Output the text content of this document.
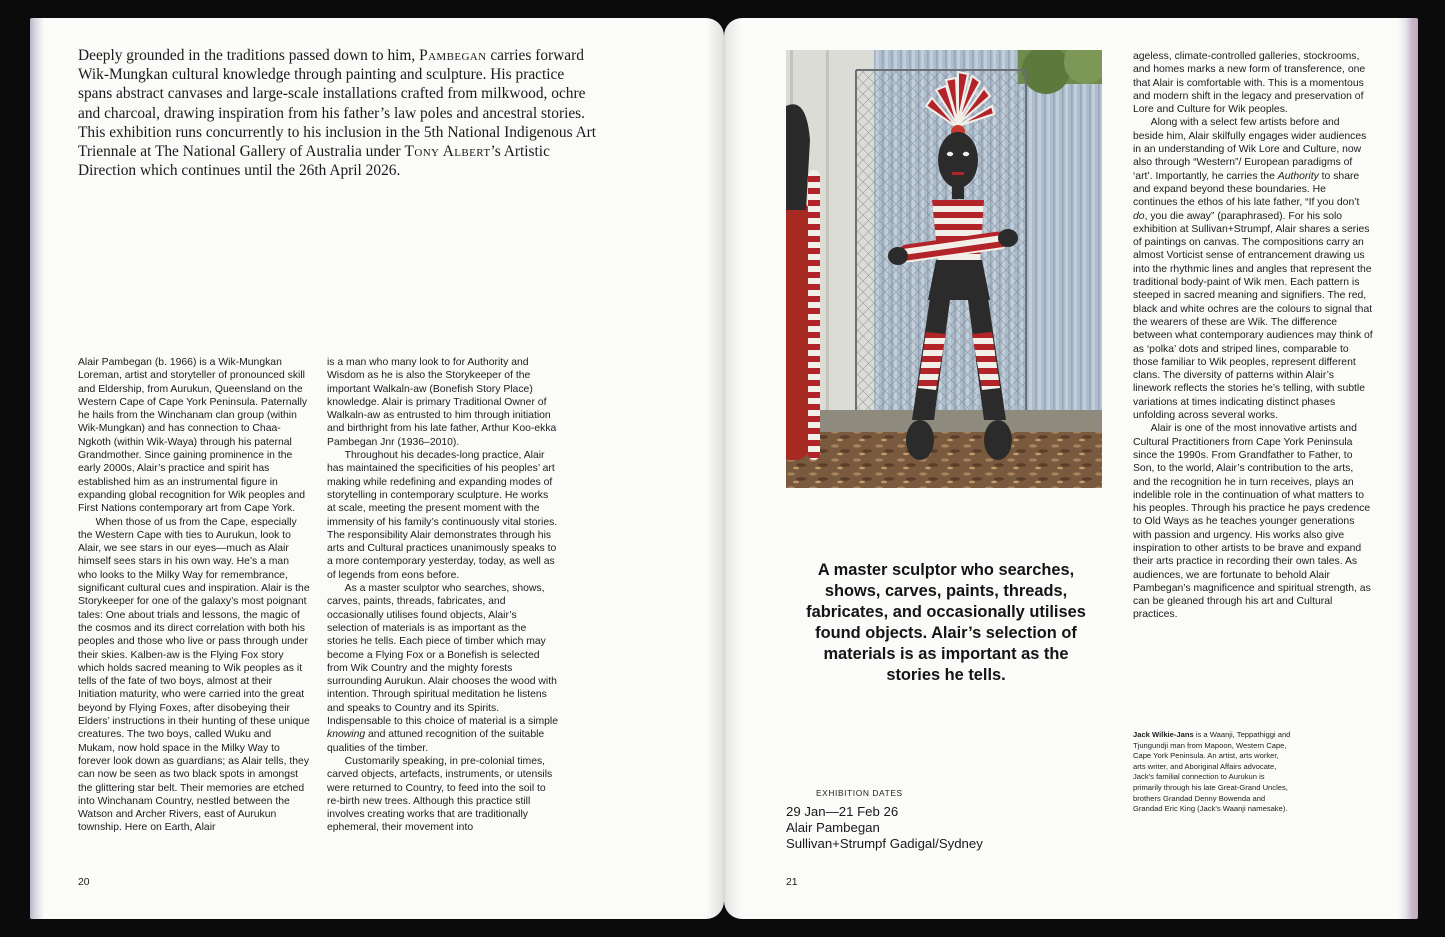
Deeply grounded in the traditions passed down to him, Pambegan carries forward Wik-Mungkan cultural knowledge through painting and sculpture. His practice spans abstract canvases and large-scale installations crafted from milkwood, ochre and charcoal, drawing inspiration from his father’s law poles and ancestral stories. This exhibition runs concurrently to his inclusion in the 5th National Indigenous Art Triennale at The National Gallery of Australia under Tony Albert’s Artistic Direction which continues until the 26th April 2026.

Alair Pambegan (b. 1966) is a Wik-Mungkan Loreman, artist and storyteller of pronounced skill and Eldership, from Aurukun, Queensland on the Western Cape of Cape York Peninsula. Paternally he hails from the Winchanam clan group (within Wik-Mungkan) and has connection to Chaa-Ngkoth (within Wik-Waya) through his paternal Grandmother. Since gaining prominence in the early 2000s, Alair’s practice and spirit has established him as an instrumental figure in expanding global recognition for Wik peoples and First Nations contemporary art from Cape York.

When those of us from the Cape, especially the Western Cape with ties to Aurukun, look to Alair, we see stars in our eyes—much as Alair himself sees stars in his own way. He’s a man who looks to the Milky Way for remembrance, significant cultural cues and inspiration. Alair is the Storykeeper for one of the galaxy’s most poignant tales: One about trials and lessons, the magic of the cosmos and its direct correlation with both his peoples and those who live or pass through under their skies. Kalben-aw is the Flying Fox story which holds sacred meaning to Wik peoples as it tells of the fate of two boys, almost at their Initiation maturity, who were carried into the great beyond by Flying Foxes, after disobeying their Elders’ instructions in their hunting of these unique creatures. The two boys, called Wuku and Mukam, now hold space in the Milky Way to forever look down as guardians; as Alair tells, they can now be seen as two black spots in amongst the glittering star belt. Their memories are etched into Winchanam Country, nestled between the Watson and Archer Rivers, east of Aurukun township. Here on Earth, Alair

is a man who many look to for Authority and Wisdom as he is also the Storykeeper of the important Walkaln-aw (Bonefish Story Place) knowledge. Alair is primary Traditional Owner of Walkaln-aw as entrusted to him through initiation and birthright from his late father, Arthur Koo-ekka Pambegan Jnr (1936–2010).

Throughout his decades-long practice, Alair has maintained the specificities of his peoples’ art making while redefining and expanding modes of storytelling in contemporary sculpture. He works at scale, meeting the present moment with the immensity of his family’s continuously vital stories. The responsibility Alair demonstrates through his arts and Cultural practices unanimously speaks to a more contemporary yesterday, today, as well as of legends from eons before.

As a master sculptor who searches, shows, carves, paints, threads, fabricates, and occasionally utilises found objects, Alair’s selection of materials is as important as the stories he tells. Each piece of timber which may become a Flying Fox or a Bonefish is selected from Wik Country and the mighty forests surrounding Aurukun. Alair chooses the wood with intention. Through spiritual meditation he listens and speaks to Country and its Spirits. Indispensable to this choice of material is a simple knowing and attuned recognition of the suitable qualities of the timber.

Customarily speaking, in pre-colonial times, carved objects, artefacts, instruments, or utensils were returned to Country, to feed into the soil to re-birth new trees. Although this practice still involves creating works that are traditionally ephemeral, their movement into

20

A master sculptor who searches, shows, carves, paints, threads, fabricates, and occasionally utilises found objects. Alair’s selection of materials is as important as the stories he tells.

EXHIBITION DATES
29 Jan—21 Feb 26
Alair Pambegan
Sullivan+Strumpf Gadigal/Sydney

ageless, climate-controlled galleries, stockrooms, and homes marks a new form of transference, one that Alair is comfortable with. This is a momentous and modern shift in the legacy and preservation of Lore and Culture for Wik peoples.

Along with a select few artists before and beside him, Alair skilfully engages wider audiences in an understanding of Wik Lore and Culture, now also through “Western”/ European paradigms of ‘art’. Importantly, he carries the Authority to share and expand beyond these boundaries. He continues the ethos of his late father, “If you don’t do, you die away” (paraphrased). For his solo exhibition at Sullivan+Strumpf, Alair shares a series of paintings on canvas. The compositions carry an almost Vorticist sense of entrancement drawing us into the rhythmic lines and angles that represent the traditional body-paint of Wik men. Each pattern is steeped in sacred meaning and signifiers. The red, black and white ochres are the colours to signal that the wearers of these are Wik. The difference between what contemporary audiences may think of as ‘polka’ dots and striped lines, comparable to those familiar to Wik peoples, represent different clans. The diversity of patterns within Alair’s linework reflects the stories he’s telling, with subtle variations at times indicating distinct phases unfolding across several works.

Alair is one of the most innovative artists and Cultural Practitioners from Cape York Peninsula since the 1990s. From Grandfather to Father, to Son, to the world, Alair’s contribution to the arts, and the recognition he in turn receives, plays an indelible role in the continuation of what matters to his peoples. Through his practice he pays credence to Old Ways as he teaches younger generations with passion and urgency. His works also give inspiration to other artists to be brave and expand their arts practice in recording their own tales. As audiences, we are fortunate to behold Alair Pambegan’s magnificence and spiritual strength, as can be gleaned through his art and Cultural practices.

Jack Wilkie-Jans is a Waanji, Teppathiggi and Tjungundji man from Mapoon, Western Cape, Cape York Peninsula. An artist, arts worker, arts writer, and Aboriginal Affairs advocate, Jack’s familial connection to Aurukun is primarily through his late Great-Grand Uncles, brothers Grandad Denny Bowenda and Grandad Eric King (Jack’s Waanji namesake).

21
